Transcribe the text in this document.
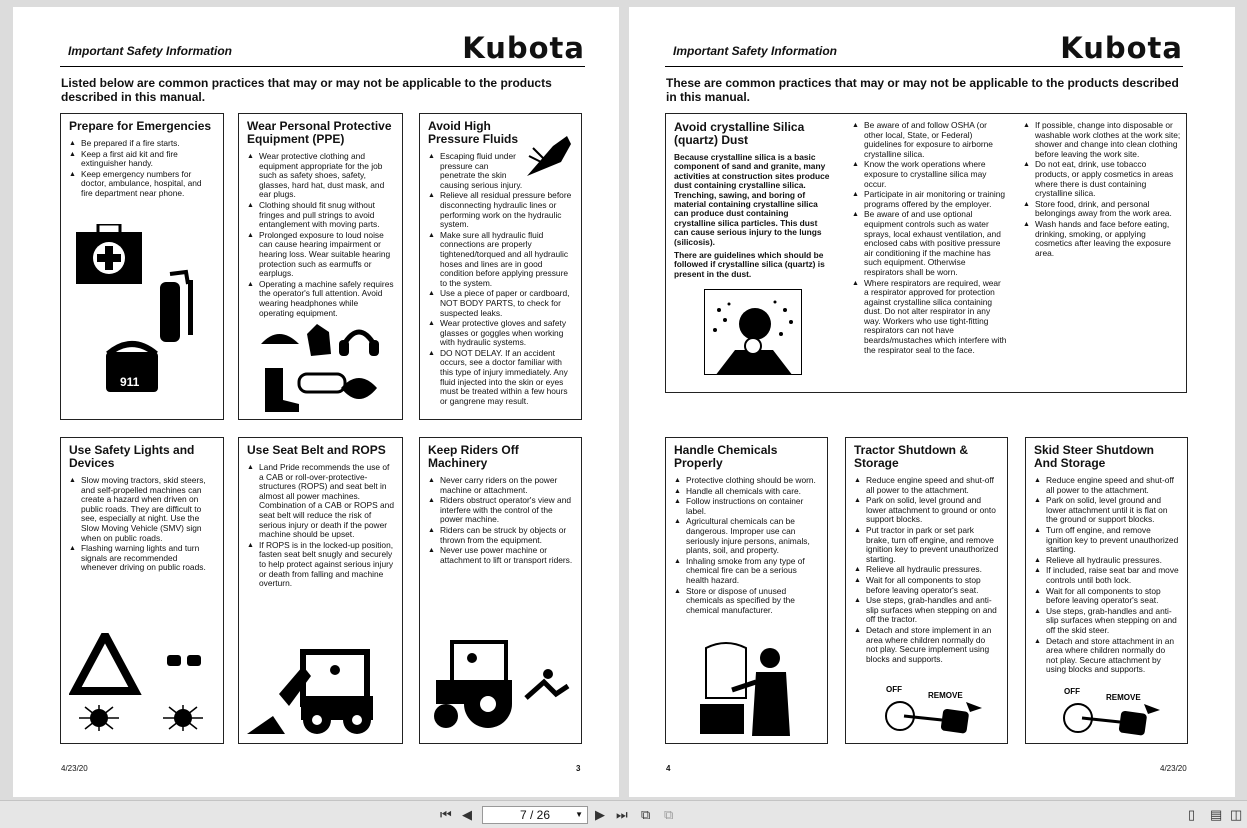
Important Safety Information	Kubota
Listed below are common practices that may or may not be applicable to the products described in this manual.
Prepare for Emergencies
▲ Be prepared if a fire starts.
▲ Keep a first aid kit and fire extinguisher handy.
▲ Keep emergency numbers for doctor, ambulance, hospital, and fire department near phone.
911
Wear Personal Protective Equipment (PPE)
▲ Wear protective clothing and equipment appropriate for the job such as safety shoes, safety, glasses, hard hat, dust mask, and ear plugs.
▲ Clothing should fit snug without fringes and pull strings to avoid entanglement with moving parts.
▲ Prolonged exposure to loud noise can cause hearing impairment or hearing loss. Wear suitable hearing protection such as earmuffs or earplugs.
▲ Operating a machine safely requires the operator's full attention. Avoid wearing headphones while operating equipment.
Avoid High Pressure Fluids
▲ Escaping fluid under pressure can penetrate the skin causing serious injury.
▲ Relieve all residual pressure before disconnecting hydraulic lines or performing work on the hydraulic system.
▲ Make sure all hydraulic fluid connections are properly tightened/torqued and all hydraulic hoses and lines are in good condition before applying pressure to the system.
▲ Use a piece of paper or cardboard, NOT BODY PARTS, to check for suspected leaks.
▲ Wear protective gloves and safety glasses or goggles when working with hydraulic systems.
▲ DO NOT DELAY. If an accident occurs, see a doctor familiar with this type of injury immediately. Any fluid injected into the skin or eyes must be treated within a few hours or gangrene may result.
Use Safety Lights and Devices
▲ Slow moving tractors, skid steers, and self-propelled machines can create a hazard when driven on public roads. They are difficult to see, especially at night. Use the Slow Moving Vehicle (SMV) sign when on public roads.
▲ Flashing warning lights and turn signals are recommended whenever driving on public roads.
Use Seat Belt and ROPS
▲ Land Pride recommends the use of a CAB or roll-over-protective-structures (ROPS) and seat belt in almost all power machines. Combination of a CAB or ROPS and seat belt will reduce the risk of serious injury or death if the power machine should be upset.
▲ If ROPS is in the locked-up position, fasten seat belt snugly and securely to help protect against serious injury or death from falling and machine overturn.
Keep Riders Off Machinery
▲ Never carry riders on the power machine or attachment.
▲ Riders obstruct operator's view and interfere with the control of the power machine.
▲ Riders can be struck by objects or thrown from the equipment.
▲ Never use power machine or attachment to lift or transport riders.
4/23/20	3
Important Safety Information	Kubota
These are common practices that may or may not be applicable to the products described in this manual.
Avoid crystalline Silica (quartz) Dust

Because crystalline silica is a basic component of sand and granite, many activities at construction sites produce dust containing crystalline silica. Trenching, sawing, and boring of material containing crystalline silica can produce dust containing crystalline silica particles. This dust can cause serious injury to the lungs (silicosis).

There are guidelines which should be followed if crystalline silica (quartz) is present in the dust.

▲ Be aware of and follow OSHA (or other local, State, or Federal) guidelines for exposure to airborne crystalline silica.
▲ Know the work operations where exposure to crystalline silica may occur.
▲ Participate in air monitoring or training programs offered by the employer.
▲ Be aware of and use optional equipment controls such as water sprays, local exhaust ventilation, and enclosed cabs with positive pressure air conditioning if the machine has such equipment. Otherwise respirators shall be worn.
▲ Where respirators are required, wear a respirator approved for protection against crystalline silica containing dust. Do not alter respirator in any way. Workers who use tight-fitting respirators can not have beards/mustaches which interfere with the respirator seal to the face.
▲ If possible, change into disposable or washable work clothes at the work site; shower and change into clean clothing before leaving the work site.
▲ Do not eat, drink, use tobacco products, or apply cosmetics in areas where there is dust containing crystalline silica.
▲ Store food, drink, and personal belongings away from the work area.
▲ Wash hands and face before eating, drinking, smoking, or applying cosmetics after leaving the exposure area.
Handle Chemicals Properly
▲ Protective clothing should be worn.
▲ Handle all chemicals with care.
▲ Follow instructions on container label.
▲ Agricultural chemicals can be dangerous. Improper use can seriously injure persons, animals, plants, soil, and property.
▲ Inhaling smoke from any type of chemical fire can be a serious health hazard.
▲ Store or dispose of unused chemicals as specified by the chemical manufacturer.
Tractor Shutdown & Storage
▲ Reduce engine speed and shut-off all power to the attachment.
▲ Park on solid, level ground and lower attachment to ground or onto support blocks.
▲ Put tractor in park or set park brake, turn off engine, and remove ignition key to prevent unauthorized starting.
▲ Relieve all hydraulic pressures.
▲ Wait for all components to stop before leaving operator's seat.
▲ Use steps, grab-handles and anti-slip surfaces when stepping on and off the tractor.
▲ Detach and store implement in an area where children normally do not play. Secure implement using blocks and supports.
OFF
REMOVE
Skid Steer Shutdown And Storage
▲ Reduce engine speed and shut-off all power to the attachment.
▲ Park on solid, level ground and lower attachment until it is flat on the ground or support blocks.
▲ Turn off engine, and remove ignition key to prevent unauthorized starting.
▲ Relieve all hydraulic pressures.
▲ If included, raise seat bar and move controls until both lock.
▲ Wait for all components to stop before leaving operator's seat.
▲ Use steps, grab-handles and anti-slip surfaces when stepping on and off the skid steer.
▲ Detach and store attachment in an area where children normally do not play. Secure attachment by using blocks and supports.
OFF
REMOVE
4	4/23/20
⏮ ◀	7 / 26	▼ ▶ ⏭ ⧉ ⧉	▯ ▤ ◫
